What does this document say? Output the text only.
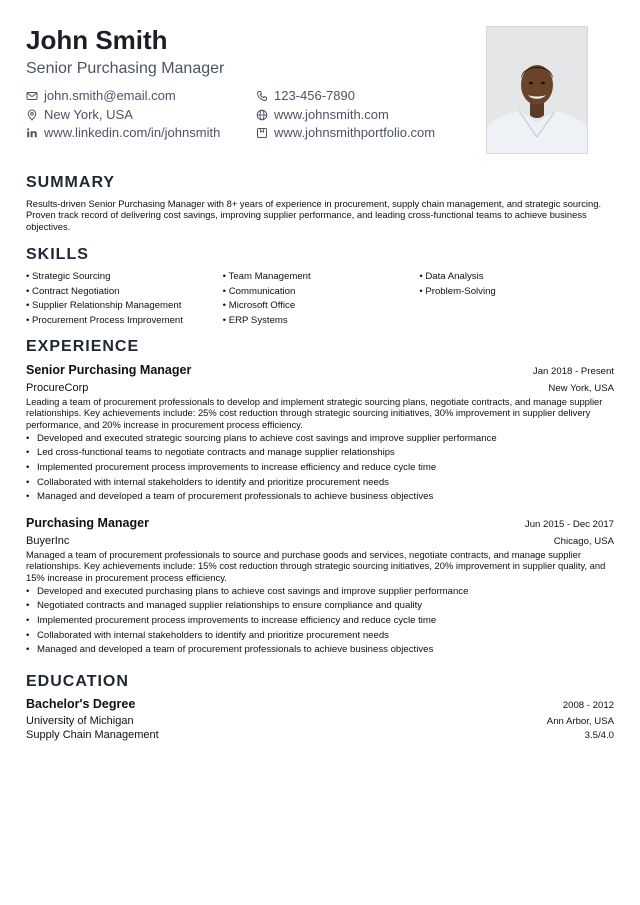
John Smith
Senior Purchasing Manager
john.smith@email.com	123-456-7890
New York, USA	www.johnsmith.com
www.linkedin.com/in/johnsmith	www.johnsmithportfolio.com
SUMMARY
Results-driven Senior Purchasing Manager with 8+ years of experience in procurement, supply chain management, and strategic sourcing. Proven track record of delivering cost savings, improving supplier performance, and leading cross-functional teams to achieve business objectives.
SKILLS
• Strategic Sourcing
• Contract Negotiation
• Supplier Relationship Management
• Procurement Process Improvement
• Team Management
• Communication
• Microsoft Office
• ERP Systems
• Data Analysis
• Problem-Solving
EXPERIENCE
Senior Purchasing Manager	Jan 2018 - Present
ProcureCorp	New York, USA
Leading a team of procurement professionals to develop and implement strategic sourcing plans, negotiate contracts, and manage supplier relationships. Key achievements include: 25% cost reduction through strategic sourcing initiatives, 30% improvement in supplier delivery performance, and 20% increase in procurement process efficiency.
• Developed and executed strategic sourcing plans to achieve cost savings and improve supplier performance
• Led cross-functional teams to negotiate contracts and manage supplier relationships
• Implemented procurement process improvements to increase efficiency and reduce cycle time
• Collaborated with internal stakeholders to identify and prioritize procurement needs
• Managed and developed a team of procurement professionals to achieve business objectives
Purchasing Manager	Jun 2015 - Dec 2017
BuyerInc	Chicago, USA
Managed a team of procurement professionals to source and purchase goods and services, negotiate contracts, and manage supplier relationships. Key achievements include: 15% cost reduction through strategic sourcing initiatives, 20% improvement in supplier quality, and 15% increase in procurement process efficiency.
• Developed and executed purchasing plans to achieve cost savings and improve supplier performance
• Negotiated contracts and managed supplier relationships to ensure compliance and quality
• Implemented procurement process improvements to increase efficiency and reduce cycle time
• Collaborated with internal stakeholders to identify and prioritize procurement needs
• Managed and developed a team of procurement professionals to achieve business objectives
EDUCATION
Bachelor's Degree	2008 - 2012
University of Michigan	Ann Arbor, USA
Supply Chain Management	3.5/4.0
